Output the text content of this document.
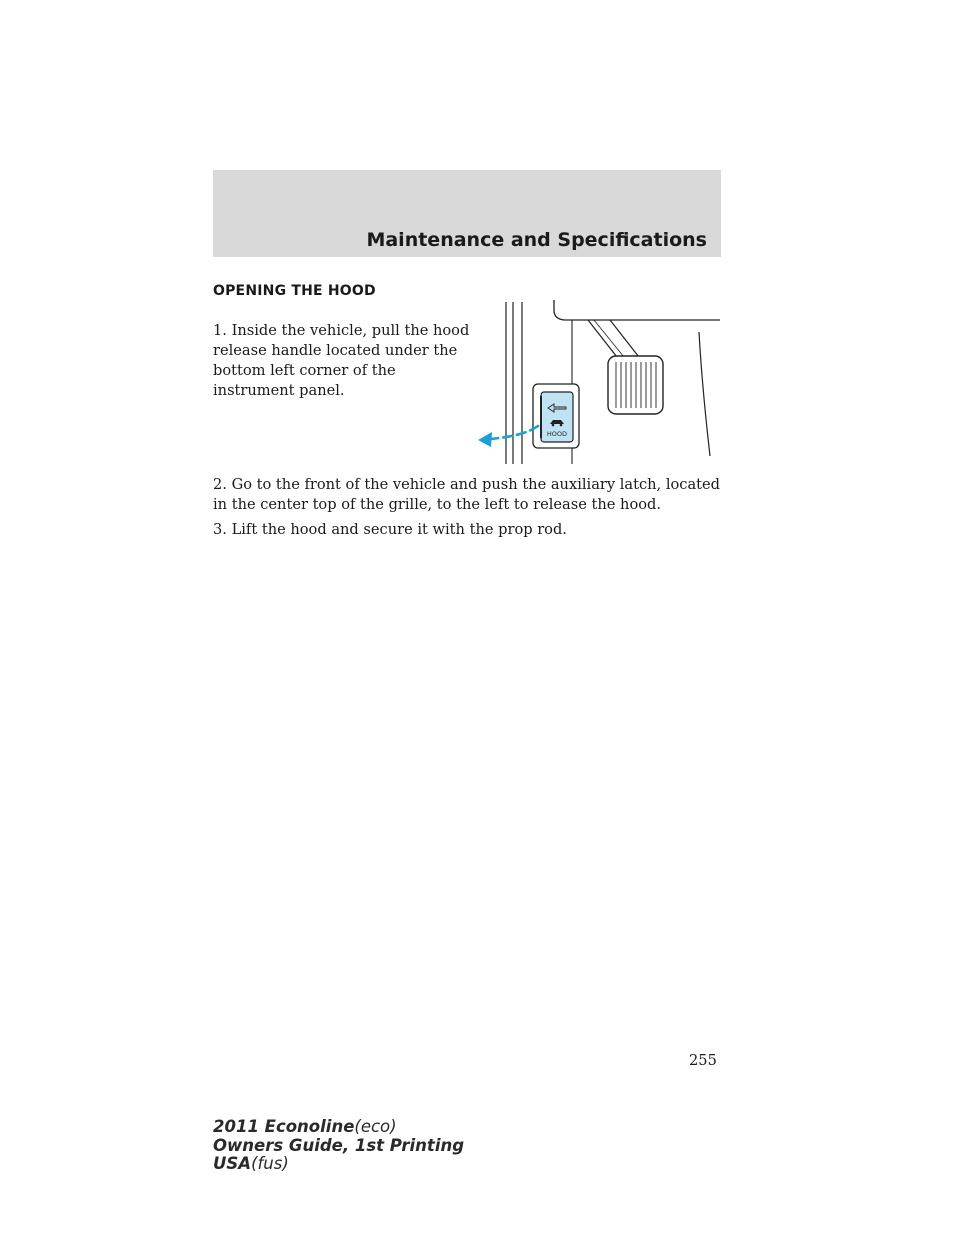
Maintenance and Specifications
OPENING THE HOOD
1. Inside the vehicle, pull the hood release handle located under the bottom left corner of the instrument panel.
HOOD
2. Go to the front of the vehicle and push the auxiliary latch, located in the center top of the grille, to the left to release the hood.
3. Lift the hood and secure it with the prop rod.
255
2011 Econoline(eco)
Owners Guide, 1st Printing
USA(fus)
